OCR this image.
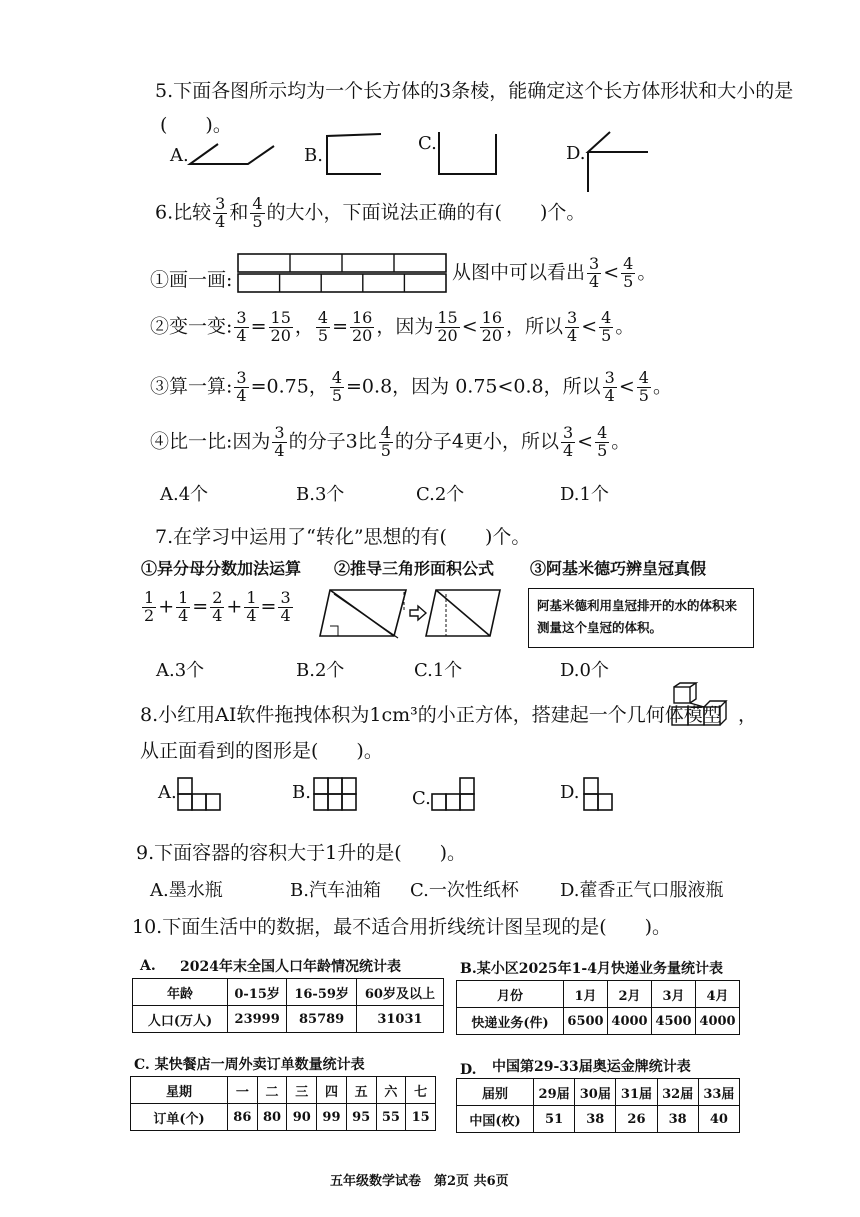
5.下面各图所示均为一个长方体的3条棱，能确定这个长方体形状和大小的是
(　　)。
A.	B.
C.	D.
6.比较 $\frac{3}{4}$ 和 $\frac{4}{5}$ 的大小，下面说法正确的有(　　)个。
①画一画:	从图中可以看出 $\frac{3}{4} < \frac{4}{5}$ 。
②变一变: $\frac{3}{4} = \frac{15}{20}$ ， $\frac{4}{5} = \frac{16}{20}$ ，因为 $\frac{15}{20} < \frac{16}{20}$ ，所以 $\frac{3}{4} < \frac{4}{5}$ 。
③算一算: $\frac{3}{4} =0.75$， $\frac{4}{5} =0.8$，因为 0.75<0.8，所以 $\frac{3}{4} < \frac{4}{5}$ 。
④比一比:因为 $\frac{3}{4}$ 的分子3比 $\frac{4}{5}$ 的分子4更小，所以 $\frac{3}{4} < \frac{4}{5}$ 。
A.4个	B.3个	C.2个	D.1个
7.在学习中运用了“转化”思想的有(　　)个。
①异分母分数加法运算 ②推导三角形面积公式 ③阿基米德巧辨皇冠真假
$\frac{1}{2} + \frac{1}{4} = \frac{2}{4} + \frac{1}{4} = \frac{3}{4}$	阿基米德利用皇冠排开的水的体积来测量这个皇冠的体积。
A.3个	B.2个	C.1个	D.0个
8.小红用AI软件拖拽体积为1cm³的小正方体，搭建起一个几何体模型 ，
从正面看到的图形是(　　)。
A.	B.	C.	D.
9.下面容器的容积大于1升的是(　　)。
A.墨水瓶	B.汽车油箱 C.一次性纸杯 D.藿香正气口服液瓶
10.下面生活中的数据，最不适合用折线统计图呈现的是(　　)。
A. 2024年末全国人口年龄情况统计表
年龄	0-15岁	16-59岁	60岁及以上
人口(万人)	23999	85789	31031
B.某小区2025年1-4月快递业务量统计表
月份	1月	2月	3月	4月
快递业务(件)	6500	4000	4500	4000
C. 某快餐店一周外卖订单数量统计表
星期	一	二	三	四	五	六	七
订单(个)	86	80	90	99	95	55	15
D. 中国第29-33届奥运金牌统计表
届别	29届	30届	31届	32届	33届
中国(枚)	51	38	26	38	40
五年级数学试卷　第2页 共6页
